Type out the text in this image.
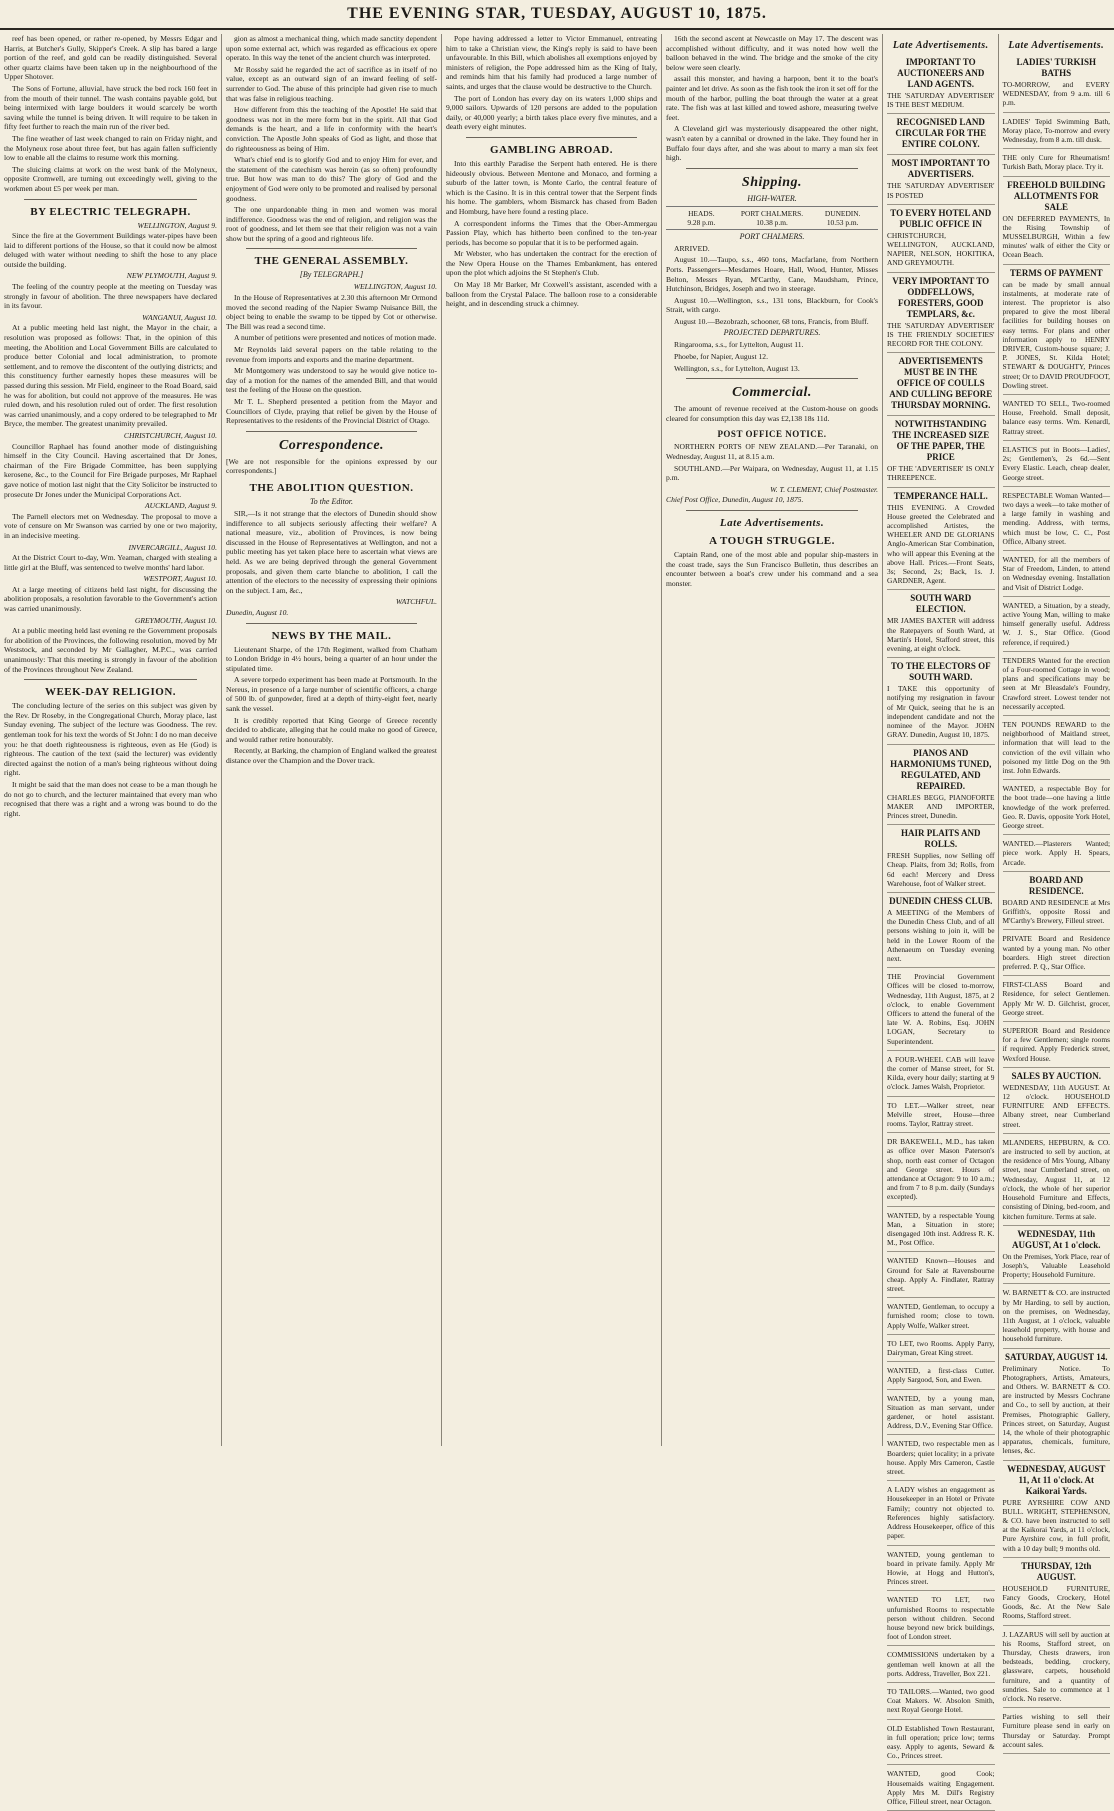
THE EVENING STAR, TUESDAY, AUGUST 10, 1875.

reef has been opened, or rather re-opened, by Messrs Edgar and Harris, at Butcher's Gully, Skipper's Creek. A slip has bared a large portion of the reef, and gold can be readily distinguished. Several other quartz claims have been taken up in the neighbourhood of the Upper Shotover.

The Sons of Fortune, alluvial, have struck the bed rock 160 feet in from the mouth of their tunnel. The wash contains payable gold, but being intermixed with large boulders it would scarcely be worth saving while the tunnel is being driven. It will require to be taken in fifty feet further to reach the main run of the river bed.

The fine weather of last week changed to rain on Friday night, and the Molyneux rose about three feet, but has again fallen sufficiently low to enable all the claims to resume work this morning.

The sluicing claims at work on the west bank of the Molyneux, opposite Cromwell, are turning out exceedingly well, giving to the workmen about £5 per week per man.

BY ELECTRIC TELEGRAPH.
WELLINGTON, August 9.

Since the fire at the Government Buildings water-pipes have been laid to different portions of the House, so that it could now be almost deluged with water without needing to shift the hose to any place outside the building.

NEW PLYMOUTH, August 9.

The feeling of the country people at the meeting on Tuesday was strongly in favour of abolition. The three newspapers have declared in its favour.

WANGANUI, August 10.

At a public meeting held last night, the Mayor in the chair, a resolution was proposed as follows: That, in the opinion of this meeting, the Abolition and Local Government Bills are calculated to produce better Colonial and local administration, to promote settlement, and to remove the discontent of the outlying districts; and this constituency further earnestly hopes these measures will be passed during this session. Mr Field, engineer to the Road Board, said he was for abolition, but could not approve of the measures. He was ruled down, and his resolution ruled out of order. The first resolution was carried unanimously, and a copy ordered to be telegraphed to Mr Bryce, the member. The greatest unanimity prevailed.

CHRISTCHURCH, August 10.

Councillor Raphael has found another mode of distinguishing himself in the City Council. Having ascertained that Dr Jones, chairman of the Fire Brigade Committee, has been supplying kerosene, &c., to the Council for Fire Brigade purposes, Mr Raphael gave notice of motion last night that the City Solicitor be instructed to prosecute Dr Jones under the Municipal Corporations Act.

AUCKLAND, August 9.

The Parnell electors met on Wednesday. The proposal to move a vote of censure on Mr Swanson was carried by one or two majority, in an indecisive meeting.

INVERCARGILL, August 10.

At the District Court to-day, Wm. Yeaman, charged with stealing a little girl at the Bluff, was sentenced to twelve months' hard labor.

WESTPORT, August 10.

At a large meeting of citizens held last night, for discussing the abolition proposals, a resolution favorable to the Government's action was carried unanimously.

GREYMOUTH, August 10.

At a public meeting held last evening re the Government proposals for abolition of the Provinces, the following resolution, moved by Mr Weststock, and seconded by Mr Gallagher, M.P.C., was carried unanimously: That this meeting is strongly in favour of the abolition of the Provinces throughout New Zealand.

WEEK-DAY RELIGION.

The concluding lecture of the series on this subject was given by the Rev. Dr Roseby, in the Congregational Church, Moray place, last Sunday evening. The subject of the lecture was Goodness. The rev. gentleman took for his text the words of St John: I do no man deceive you: he that doeth righteousness is righteous, even as He (God) is righteous. The caution of the text (said the lecturer) was evidently directed against the notion of a man's being righteous without doing right.

It might be said that the man does not cease to be a man though he do not go to church, and the lecturer maintained that every man who recognised that there was a right and a wrong was bound to do the right.

gion as almost a mechanical thing, which made sanctity dependent upon some external act, which was regarded as efficacious ex opere operato. In this way the tenet of the ancient church was interpreted.

Mr Rossby said he regarded the act of sacrifice as in itself of no value, except as an outward sign of an inward feeling of self-surrender to God. The abuse of this principle had given rise to much that was false in religious teaching.

How different from this the teaching of the Apostle! He said that goodness was not in the mere form but in the spirit. All that God demands is the heart, and a life in conformity with the heart's conviction. The Apostle John speaks of God as light, and those that do righteousness as being of Him.

What's chief end is to glorify God and to enjoy Him for ever, and the statement of the catechism was herein (as so often) profoundly true. But how was man to do this? The glory of God and the enjoyment of God were only to be promoted and realised by personal goodness.

The one unpardonable thing in men and women was moral indifference. Goodness was the end of religion, and religion was the root of goodness, and let them see that their religion was not a vain show but the spring of a good and righteous life.

THE GENERAL ASSEMBLY.
[By TELEGRAPH.]
WELLINGTON, August 10.

In the House of Representatives at 2.30 this afternoon Mr Ormond moved the second reading of the Napier Swamp Nuisance Bill, the object being to enable the swamp to be tipped by Cot or otherwise. The Bill was read a second time.

A number of petitions were presented and notices of motion made.

Mr Reynolds laid several papers on the table relating to the revenue from imports and exports and the marine department.

Mr Montgomery was understood to say he would give notice to-day of a motion for the names of the amended Bill, and that would test the feeling of the House on the question.

Mr T. L. Shepherd presented a petition from the Mayor and Councillors of Clyde, praying that relief be given by the House of Representatives to the residents of the Provincial District of Otago.

Correspondence.

[We are not responsible for the opinions expressed by our correspondents.]

THE ABOLITION QUESTION.
To the Editor.

SIR,—Is it not strange that the electors of Dunedin should show indifference to all subjects seriously affecting their welfare? A national measure, viz., abolition of Provinces, is now being discussed in the House of Representatives at Wellington, and not a public meeting has yet taken place here to ascertain what views are held. As we are being deprived through the general Government proposals, and given them carte blanche to abolition, I call the attention of the electors to the necessity of expressing their opinions on the subject. I am, &c.,

WATCHFUL.
Dunedin, August 10.
NEWS BY THE MAIL.

Lieutenant Sharpe, of the 17th Regiment, walked from Chatham to London Bridge in 4½ hours, being a quarter of an hour under the stipulated time.

A severe torpedo experiment has been made at Portsmouth. In the Nereus, in presence of a large number of scientific officers, a charge of 500 lb. of gunpowder, fired at a depth of thirty-eight feet, nearly sank the vessel.

It is credibly reported that King George of Greece recently decided to abdicate, alleging that he could make no good of Greece, and would rather retire honourably.

Recently, at Barking, the champion of England walked the greatest distance over the Champion and the Dover track.

Pope having addressed a letter to Victor Emmanuel, entreating him to take a Christian view, the King's reply is said to have been unfavourable. In this Bill, which abolishes all exemptions enjoyed by ministers of religion, the Pope addressed him as the King of Italy, and reminds him that his family had produced a large number of saints, and urges that the clause would be destructive to the Church.

The port of London has every day on its waters 1,000 ships and 9,000 sailors. Upwards of 120 persons are added to the population daily, or 40,000 yearly; a birth takes place every five minutes, and a death every eight minutes.

GAMBLING ABROAD.

Into this earthly Paradise the Serpent hath entered. He is there hideously obvious. Between Mentone and Monaco, and forming a suburb of the latter town, is Monte Carlo, the central feature of which is the Casino. It is in this central tower that the Serpent finds his home. The gamblers, whom Bismarck has chased from Baden and Homburg, have here found a resting place.

A correspondent informs the Times that the Ober-Ammergau Passion Play, which has hitherto been confined to the ten-year periods, has become so popular that it is to be performed again.

Mr Webster, who has undertaken the contract for the erection of the New Opera House on the Thames Embankment, has entered upon the plot which adjoins the St Stephen's Club.

On May 18 Mr Barker, Mr Coxwell's assistant, ascended with a balloon from the Crystal Palace. The balloon rose to a considerable height, and in descending struck a chimney.

16th the second ascent at Newcastle on May 17. The descent was accomplished without difficulty, and it was noted how well the balloon behaved in the wind. The bridge and the smoke of the city below were seen clearly.

assail this monster, and having a harpoon, bent it to the boat's painter and let drive. As soon as the fish took the iron it set off for the mouth of the harbor, pulling the boat through the water at a great rate. The fish was at last killed and towed ashore, measuring twelve feet.

A Cleveland girl was mysteriously disappeared the other night, wasn't eaten by a cannibal or drowned in the lake. They found her in Buffalo four days after, and she was about to marry a man six feet high.

Shipping.
HIGH-WATER.
HEADS.
9.28 p.m.
PORT CHALMERS.
10.38 p.m.
DUNEDIN.
10.53 p.m.
PORT CHALMERS.

ARRIVED.

August 10.—Taupo, s.s., 460 tons, Macfarlane, from Northern Ports. Passengers—Mesdames Hoare, Hall, Wood, Hunter, Misses Belton, Messrs Ryan, M'Carthy, Cane, Maudsham, Prince, Hutchinson, Bridges, Joseph and two in steerage.

August 10.—Wellington, s.s., 131 tons, Blackburn, for Cook's Strait, with cargo.

August 10.—Bezobrazh, schooner, 68 tons, Francis, from Bluff.

PROJECTED DEPARTURES.

Ringarooma, s.s., for Lyttelton, August 11.

Phoebe, for Napier, August 12.

Wellington, s.s., for Lyttelton, August 13.

Commercial.

The amount of revenue received at the Custom-house on goods cleared for consumption this day was £2,138 18s 11d.

POST OFFICE NOTICE.

NORTHERN PORTS OF NEW ZEALAND.—Per Taranaki, on Wednesday, August 11, at 8.15 a.m.

SOUTHLAND.—Per Waipara, on Wednesday, August 11, at 1.15 p.m.

W. T. CLEMENT, Chief Postmaster.
Chief Post Office, Dunedin, August 10, 1875.
Late Advertisements.
A TOUGH STRUGGLE.

Captain Rand, one of the most able and popular ship-masters in the coast trade, says the Sun Francisco Bulletin, thus describes an encounter between a boat's crew under his command and a sea monster.

Late Advertisements.
IMPORTANT TO AUCTIONEERS AND LAND AGENTS.
THE 'SATURDAY ADVERTISER' IS THE BEST MEDIUM.
RECOGNISED LAND CIRCULAR FOR THE ENTIRE COLONY.
MOST IMPORTANT TO ADVERTISERS.
THE 'SATURDAY ADVERTISER' IS POSTED
TO EVERY HOTEL AND PUBLIC OFFICE IN
CHRISTCHURCH, WELLINGTON, AUCKLAND, NAPIER, NELSON, HOKITIKA, AND GREYMOUTH.
VERY IMPORTANT TO ODDFELLOWS, FORESTERS, GOOD TEMPLARS, &c.
THE 'SATURDAY ADVERTISER' IS THE FRIENDLY SOCIETIES' RECORD FOR THE COLONY.
ADVERTISEMENTS MUST BE IN THE OFFICE OF COULLS AND CULLING BEFORE THURSDAY MORNING.
NOTWITHSTANDING THE INCREASED SIZE OF THE PAPER, THE PRICE
OF THE 'ADVERTISER' IS ONLY THREEPENCE.
TEMPERANCE HALL.
THIS EVENING. A Crowded House greeted the Celebrated and accomplished Artistes, the WHEELER AND DE GLORIANS Anglo-American Star Combination, who will appear this Evening at the above Hall. Prices.—Front Seats, 3s; Second, 2s; Back, 1s. J. GARDNER, Agent.
SOUTH WARD ELECTION.
MR JAMES BAXTER will address the Ratepayers of South Ward, at Martin's Hotel, Stafford street, this evening, at eight o'clock.
TO THE ELECTORS OF SOUTH WARD.
I TAKE this opportunity of notifying my resignation in favour of Mr Quick, seeing that he is an independent candidate and not the nominee of the Mayor. JOHN GRAY. Dunedin, August 10, 1875.
PIANOS AND HARMONIUMS TUNED, REGULATED, AND REPAIRED.
CHARLES BEGG, PIANOFORTE MAKER AND IMPORTER, Princes street, Dunedin.
HAIR PLAITS AND ROLLS.
FRESH Supplies, now Selling off Cheap. Plaits, from 3d; Rolls, from 6d each! Mercery and Dress Warehouse, foot of Walker street.
DUNEDIN CHESS CLUB.
A MEETING of the Members of the Dunedin Chess Club, and of all persons wishing to join it, will be held in the Lower Room of the Athenaeum on Tuesday evening next.
THE Provincial Government Offices will be closed to-morrow, Wednesday, 11th August, 1875, at 2 o'clock, to enable Government Officers to attend the funeral of the late W. A. Robins, Esq. JOHN LOGAN, Secretary to Superintendent.
A FOUR-WHEEL CAB will leave the corner of Manse street, for St. Kilda, every hour daily; starting at 9 o'clock. James Walsh, Proprietor.
TO LET.—Walker street, near Melville street, House—three rooms. Taylor, Rattray street.
DR BAKEWELL, M.D., has taken as office over Mason Paterson's shop, north east corner of Octagon and George street. Hours of attendance at Octagon: 9 to 10 a.m.; and from 7 to 8 p.m. daily (Sundays excepted).
WANTED, by a respectable Young Man, a Situation in store; disengaged 10th inst. Address R. K. M., Post Office.
WANTED Known—Houses and Ground for Sale at Ravensbourne cheap. Apply A. Findlater, Rattray street.
WANTED, Gentleman, to occupy a furnished room; close to town. Apply Wolfe, Walker street.
TO LET, two Rooms. Apply Parry, Dairyman, Great King street.
WANTED, a first-class Cutter. Apply Sargood, Son, and Ewen.
WANTED, by a young man, Situation as man servant, under gardener, or hotel assistant. Address, D.V., Evening Star Office.
WANTED, two respectable men as Boarders; quiet locality; in a private house. Apply Mrs Cameron, Castle street.
A LADY wishes an engagement as Housekeeper in an Hotel or Private Family; country not objected to. References highly satisfactory. Address Housekeeper, office of this paper.
WANTED, young gentleman to board in private family. Apply Mr Howie, at Hogg and Hutton's, Princes street.
WANTED TO LET, two unfurnished Rooms to respectable person without children. Second house beyond new brick buildings, foot of London street.
COMMISSIONS undertaken by a gentleman well known at all the ports. Address, Traveller, Box 221.
TO TAILORS.—Wanted, two good Coat Makers. W. Absolon Smith, next Royal George Hotel.
OLD Established Town Restaurant, in full operation; price low; terms easy. Apply to agents, Seward & Co., Princes street.
WANTED, good Cook; Housemaids waiting Engagement. Apply Mrs M. Dill's Registry Office, Filleul street, near Octagon.
Late Advertisements.
LADIES' TURKISH BATHS
TO-MORROW, and EVERY WEDNESDAY, from 9 a.m. till 6 p.m.
LADIES' Tepid Swimming Bath, Moray place, To-morrow and every Wednesday, from 8 a.m. till dusk.
THE only Cure for Rheumatism! Turkish Bath, Moray place. Try it.
FREEHOLD BUILDING ALLOTMENTS FOR SALE
ON DEFERRED PAYMENTS, In the Rising Township of MUSSELBURGH, Within a few minutes' walk of either the City or Ocean Beach.
TERMS OF PAYMENT
can be made by small annual instalments, at moderate rate of interest. The proprietor is also prepared to give the most liberal facilities for building houses on easy terms. For plans and other information apply to HENRY DRIVER, Custom-house square; J. P. JONES, St. Kilda Hotel; STEWART & DOUGHTY, Princes street; Or to DAVID PROUDFOOT, Dowling street.
WANTED TO SELL, Two-roomed House, Freehold. Small deposit, balance easy terms. Wm. Kenardl, Rattray street.
ELASTICS put in Boots—Ladies', 2s; Gentlemen's, 2s 6d.—Sent Every Elastic. Leach, cheap dealer, George street.
RESPECTABLE Woman Wanted—two days a week—to take mother of a large family in washing and mending. Address, with terms, which must be low, C. C., Post Office, Albany street.
WANTED, for all the members of Star of Freedom, Linden, to attend on Wednesday evening. Installation and Visit of District Lodge.
WANTED, a Situation, by a steady, active Young Man, willing to make himself generally useful. Address W. J. S., Star Office. (Good reference, if required.)
TENDERS Wanted for the erection of a Four-roomed Cottage in wood; plans and specifications may be seen at Mr Bleasdale's Foundry, Crawford street. Lowest tender not necessarily accepted.
TEN POUNDS REWARD to the neighborhood of Maitland street, information that will lead to the conviction of the evil villain who poisoned my little Dog on the 9th inst. John Edwards.
WANTED, a respectable Boy for the boot trade—one having a little knowledge of the work preferred. Geo. R. Davis, opposite York Hotel, George street.
WANTED.—Plasterers Wanted; piece work. Apply H. Spears, Arcade.
BOARD AND RESIDENCE.
BOARD AND RESIDENCE at Mrs Griffith's, opposite Rossi and M'Carthy's Brewery, Filleul street.
PRIVATE Board and Residence wanted by a young man. No other boarders. High street direction preferred. P. Q., Star Office.
FIRST-CLASS Board and Residence, for select Gentlemen. Apply Mr W. D. Gilchrist, grocer, George street.
SUPERIOR Board and Residence for a few Gentlemen; single rooms if required. Apply Frederick street, Wexford House.
SALES BY AUCTION.
WEDNESDAY, 11th AUGUST. At 12 o'clock. HOUSEHOLD FURNITURE AND EFFECTS. Albany street, near Cumberland street.
MLANDERS, HEPBURN, & CO. are instructed to sell by auction, at the residence of Mrs Young, Albany street, near Cumberland street, on Wednesday, August 11, at 12 o'clock, the whole of her superior Household Furniture and Effects, consisting of Dining, bed-room, and kitchen furniture. Terms at sale.
WEDNESDAY, 11th AUGUST, At 1 o'clock.
On the Premises, York Place, rear of Joseph's, Valuable Leasehold Property; Household Furniture.
W. BARNETT & CO. are instructed by Mr Harding, to sell by auction, on the premises, on Wednesday, 11th August, at 1 o'clock, valuable leasehold property, with house and household furniture.
SATURDAY, AUGUST 14.
Preliminary Notice. To Photographers, Artists, Amateurs, and Others. W. BARNETT & CO. are instructed by Messrs Cochrane and Co., to sell by auction, at their Premises, Photographic Gallery, Princes street, on Saturday, August 14, the whole of their photographic apparatus, chemicals, furniture, lenses, &c.
WEDNESDAY, AUGUST 11, At 11 o'clock. At Kaikorai Yards.
PURE AYRSHIRE COW AND BULL. WRIGHT, STEPHENSON, & CO. have been instructed to sell at the Kaikorai Yards, at 11 o'clock, Pure Ayrshire cow, in full profit, with a 10 day bull; 9 months old.
THURSDAY, 12th AUGUST.
HOUSEHOLD FURNITURE, Fancy Goods, Crockery, Hotel Goods, &c. At the New Sale Rooms, Stafford street.
J. LAZARUS will sell by auction at his Rooms, Stafford street, on Thursday, Chests drawers, iron bedsteads, bedding, crockery, glassware, carpets, household furniture, and a quantity of sundries. Sale to commence at 1 o'clock. No reserve.
Parties wishing to sell their Furniture please send in early on Thursday or Saturday. Prompt account sales.
